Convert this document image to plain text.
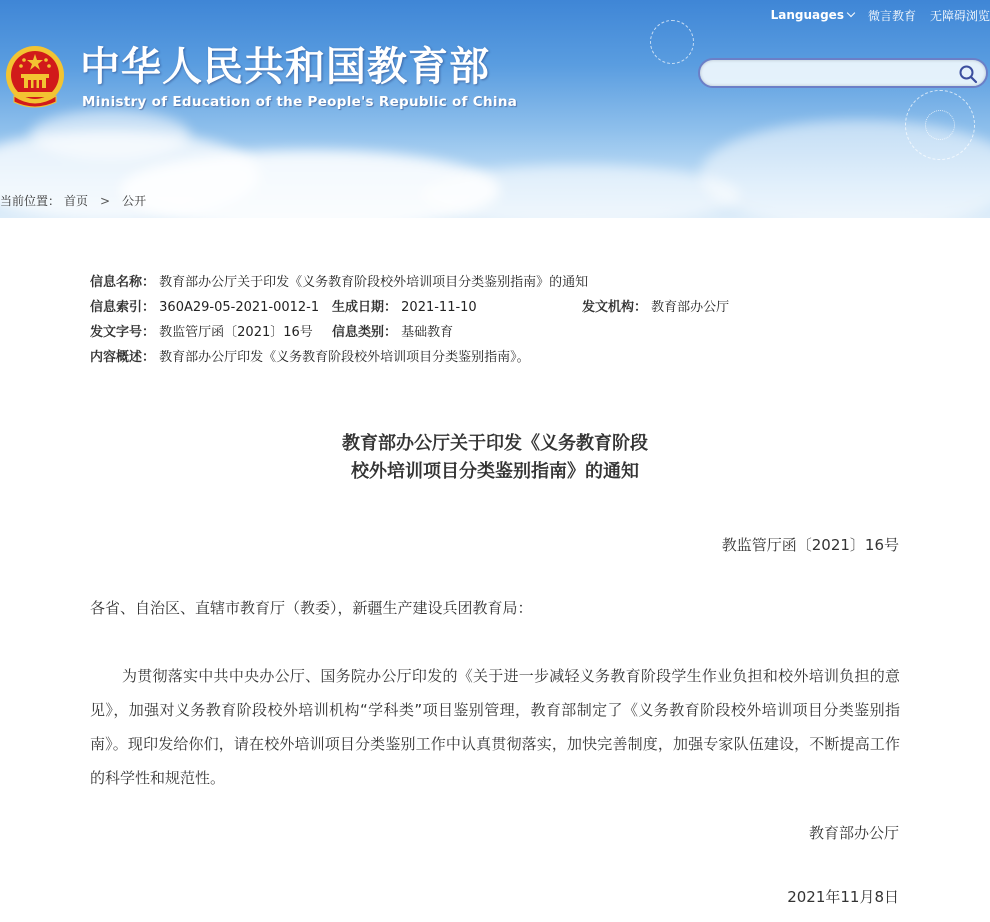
Languages 微言教育 无障碍浏览
中华人民共和国教育部
Ministry of Education of the People's Republic of China
当前位置： 首页 > 公开
信息名称： 教育部办公厅关于印发《义务教育阶段校外培训项目分类鉴别指南》的通知
信息索引： 360A29-05-2021-0012-1 生成日期： 2021-11-10	发文机构： 教育部办公厅
发文字号： 教监管厅函〔2021〕16号 信息类别： 基础教育
内容概述： 教育部办公厅印发《义务教育阶段校外培训项目分类鉴别指南》。
教育部办公厅关于印发《义务教育阶段
校外培训项目分类鉴别指南》的通知
教监管厅函〔2021〕16号
各省、自治区、直辖市教育厅（教委），新疆生产建设兵团教育局：
为贯彻落实中共中央办公厅、国务院办公厅印发的《关于进一步减轻义务教育阶段学生作业负担和校外培训负担的意见》，加强对义务教育阶段校外培训机构“学科类”项目鉴别管理，教育部制定了《义务教育阶段校外培训项目分类鉴别指南》。现印发给你们，请在校外培训项目分类鉴别工作中认真贯彻落实，加快完善制度，加强专家队伍建设，不断提高工作的科学性和规范性。
教育部办公厅
2021年11月8日
